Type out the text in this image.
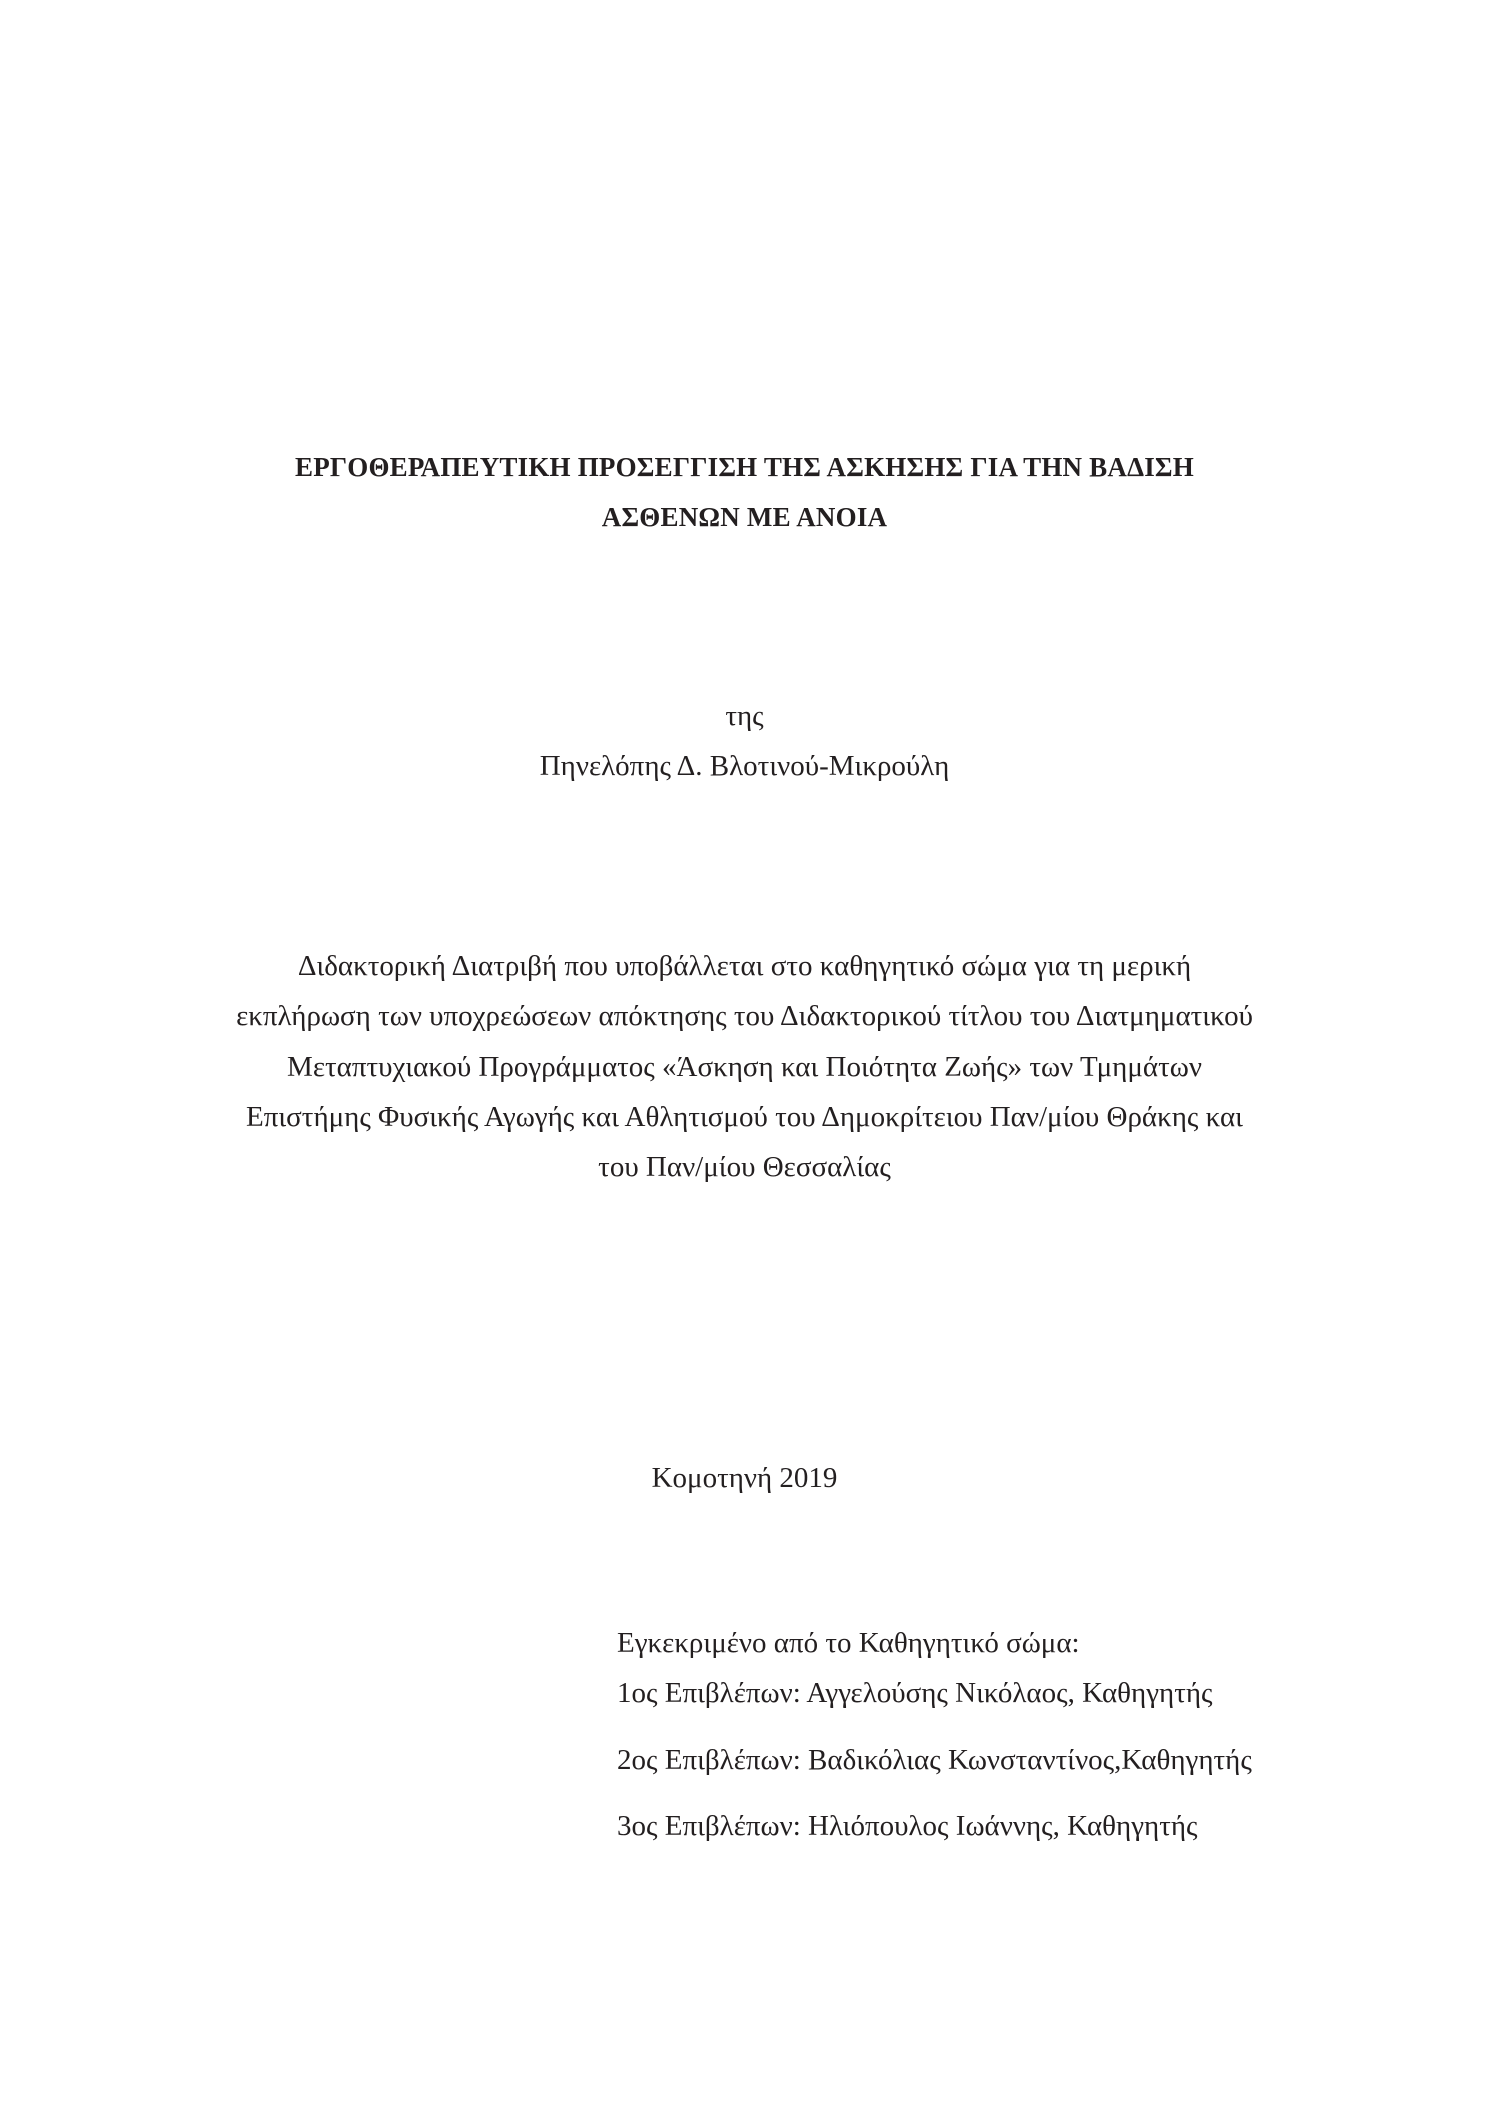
ΕΡΓΟΘΕΡΑΠΕΥΤΙΚΗ ΠΡΟΣΕΓΓΙΣΗ ΤΗΣ ΑΣΚΗΣΗΣ ΓΙΑ ΤΗΝ ΒΑΔΙΣΗ
ΑΣΘΕΝΩΝ ΜΕ ΑΝΟΙΑ
της
Πηνελόπης Δ. Βλοτινού-Μικρούλη
Διδακτορική Διατριβή που υποβάλλεται στο καθηγητικό σώμα για τη μερική
εκπλήρωση των υποχρεώσεων απόκτησης του Διδακτορικού τίτλου του Διατμηματικού
Μεταπτυχιακού Προγράμματος «Άσκηση και Ποιότητα Ζωής» των Τμημάτων
Επιστήμης Φυσικής Αγωγής και Αθλητισμού του Δημοκρίτειου Παν/μίου Θράκης και
του Παν/μίου Θεσσαλίας
Κομοτηνή 2019
Εγκεκριμένο από το Καθηγητικό σώμα:
1ος Επιβλέπων: Αγγελούσης Νικόλαος, Καθηγητής
2ος Επιβλέπων: Βαδικόλιας Κωνσταντίνος,Καθηγητής
3ος Επιβλέπων: Ηλιόπουλος Ιωάννης, Καθηγητής
